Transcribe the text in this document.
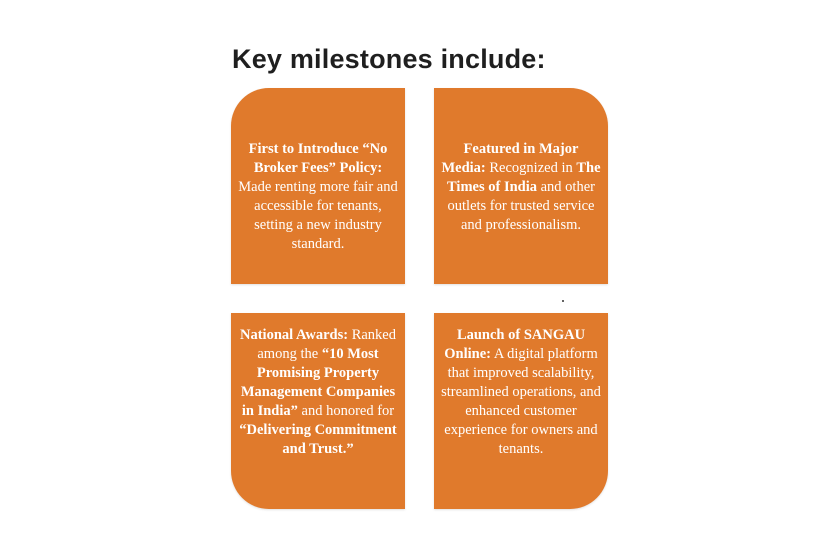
Key milestones include:
First to Introduce “No Broker Fees” Policy: Made renting more fair and accessible for tenants, setting a new industry standard.
Featured in Major Media: Recognized in The Times of India and other outlets for trusted service and professionalism.
National Awards: Ranked among the “10 Most Promising Property Management Companies in India” and honored for “Delivering Commitment and Trust.”
Launch of SANGAU Online: A digital platform that improved scalability, streamlined operations, and enhanced customer experience for owners and tenants.
